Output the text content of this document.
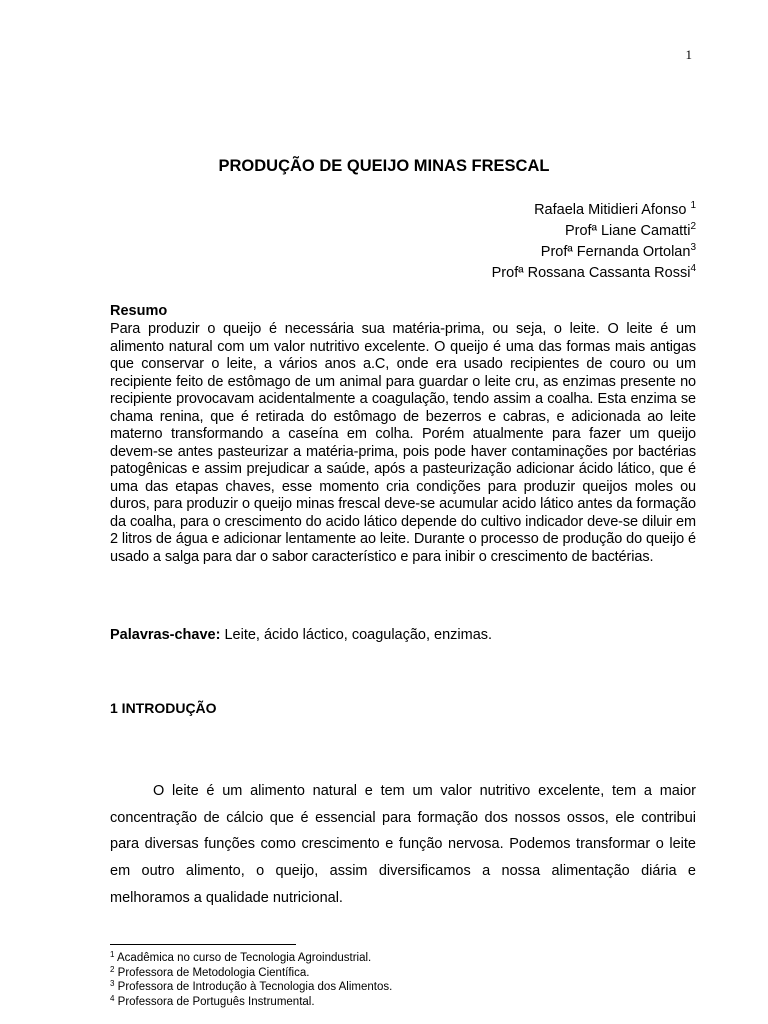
1
PRODUÇÃO DE QUEIJO MINAS FRESCAL
Rafaela Mitidieri Afonso $^1$
Profª Liane Camatti$^2$
Profª Fernanda Ortolan$^3$
Profª Rossana Cassanta Rossi$^4$
Resumo
Para produzir o queijo é necessária sua matéria-prima, ou seja, o leite. O leite é um alimento natural com um valor nutritivo excelente. O queijo é uma das formas mais antigas que conservar o leite, a vários anos a.C, onde era usado recipientes de couro ou um recipiente feito de estômago de um animal para guardar o leite cru, as enzimas presente no recipiente provocavam acidentalmente a coagulação, tendo assim a coalha. Esta enzima se chama renina, que é retirada do estômago de bezerros e cabras, e adicionada ao leite materno transformando a caseína em colha. Porém atualmente para fazer um queijo devem-se antes pasteurizar a matéria-prima, pois pode haver contaminações por bactérias patogênicas e assim prejudicar a saúde, após a pasteurização adicionar ácido lático, que é uma das etapas chaves, esse momento cria condições para produzir queijos moles ou duros, para produzir o queijo minas frescal deve-se acumular acido lático antes da formação da coalha, para o crescimento do acido lático depende do cultivo indicador deve-se diluir em 2 litros de água e adicionar lentamente ao leite. Durante o processo de produção do queijo é usado a salga para dar o sabor característico e para inibir o crescimento de bactérias.
Palavras-chave: Leite, ácido láctico, coagulação, enzimas.
1 INTRODUÇÃO
O leite é um alimento natural e tem um valor nutritivo excelente, tem a maior concentração de cálcio que é essencial para formação dos nossos ossos, ele contribui para diversas funções como crescimento e função nervosa. Podemos transformar o leite em outro alimento, o queijo, assim diversificamos a nossa alimentação diária e melhoramos a qualidade nutricional.
$^1$ Acadêmica no curso de Tecnologia Agroindustrial.
$^2$ Professora de Metodologia Científica.
$^3$ Professora de Introdução à Tecnologia dos Alimentos.
$^4$ Professora de Português Instrumental.
